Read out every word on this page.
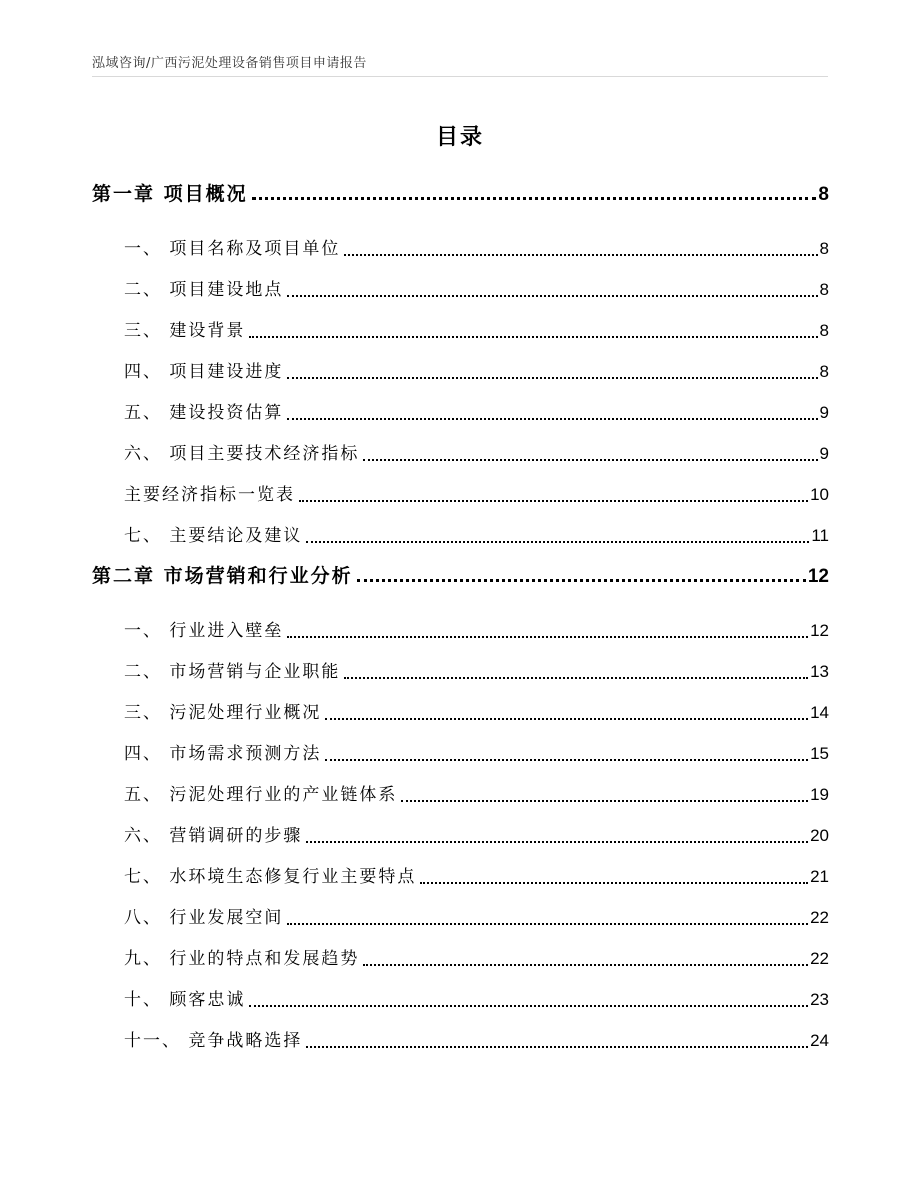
泓域咨询/广西污泥处理设备销售项目申请报告
目录
第一章 项目概况	8
一、 项目名称及项目单位	8
二、 项目建设地点	8
三、 建设背景	8
四、 项目建设进度	8
五、 建设投资估算	9
六、 项目主要技术经济指标	9
主要经济指标一览表	10
七、 主要结论及建议	11
第二章 市场营销和行业分析	12
一、 行业进入壁垒	12
二、 市场营销与企业职能	13
三、 污泥处理行业概况	14
四、 市场需求预测方法	15
五、 污泥处理行业的产业链体系	19
六、 营销调研的步骤	20
七、 水环境生态修复行业主要特点	21
八、 行业发展空间	22
九、 行业的特点和发展趋势	22
十、 顾客忠诚	23
十一、 竞争战略选择	24
